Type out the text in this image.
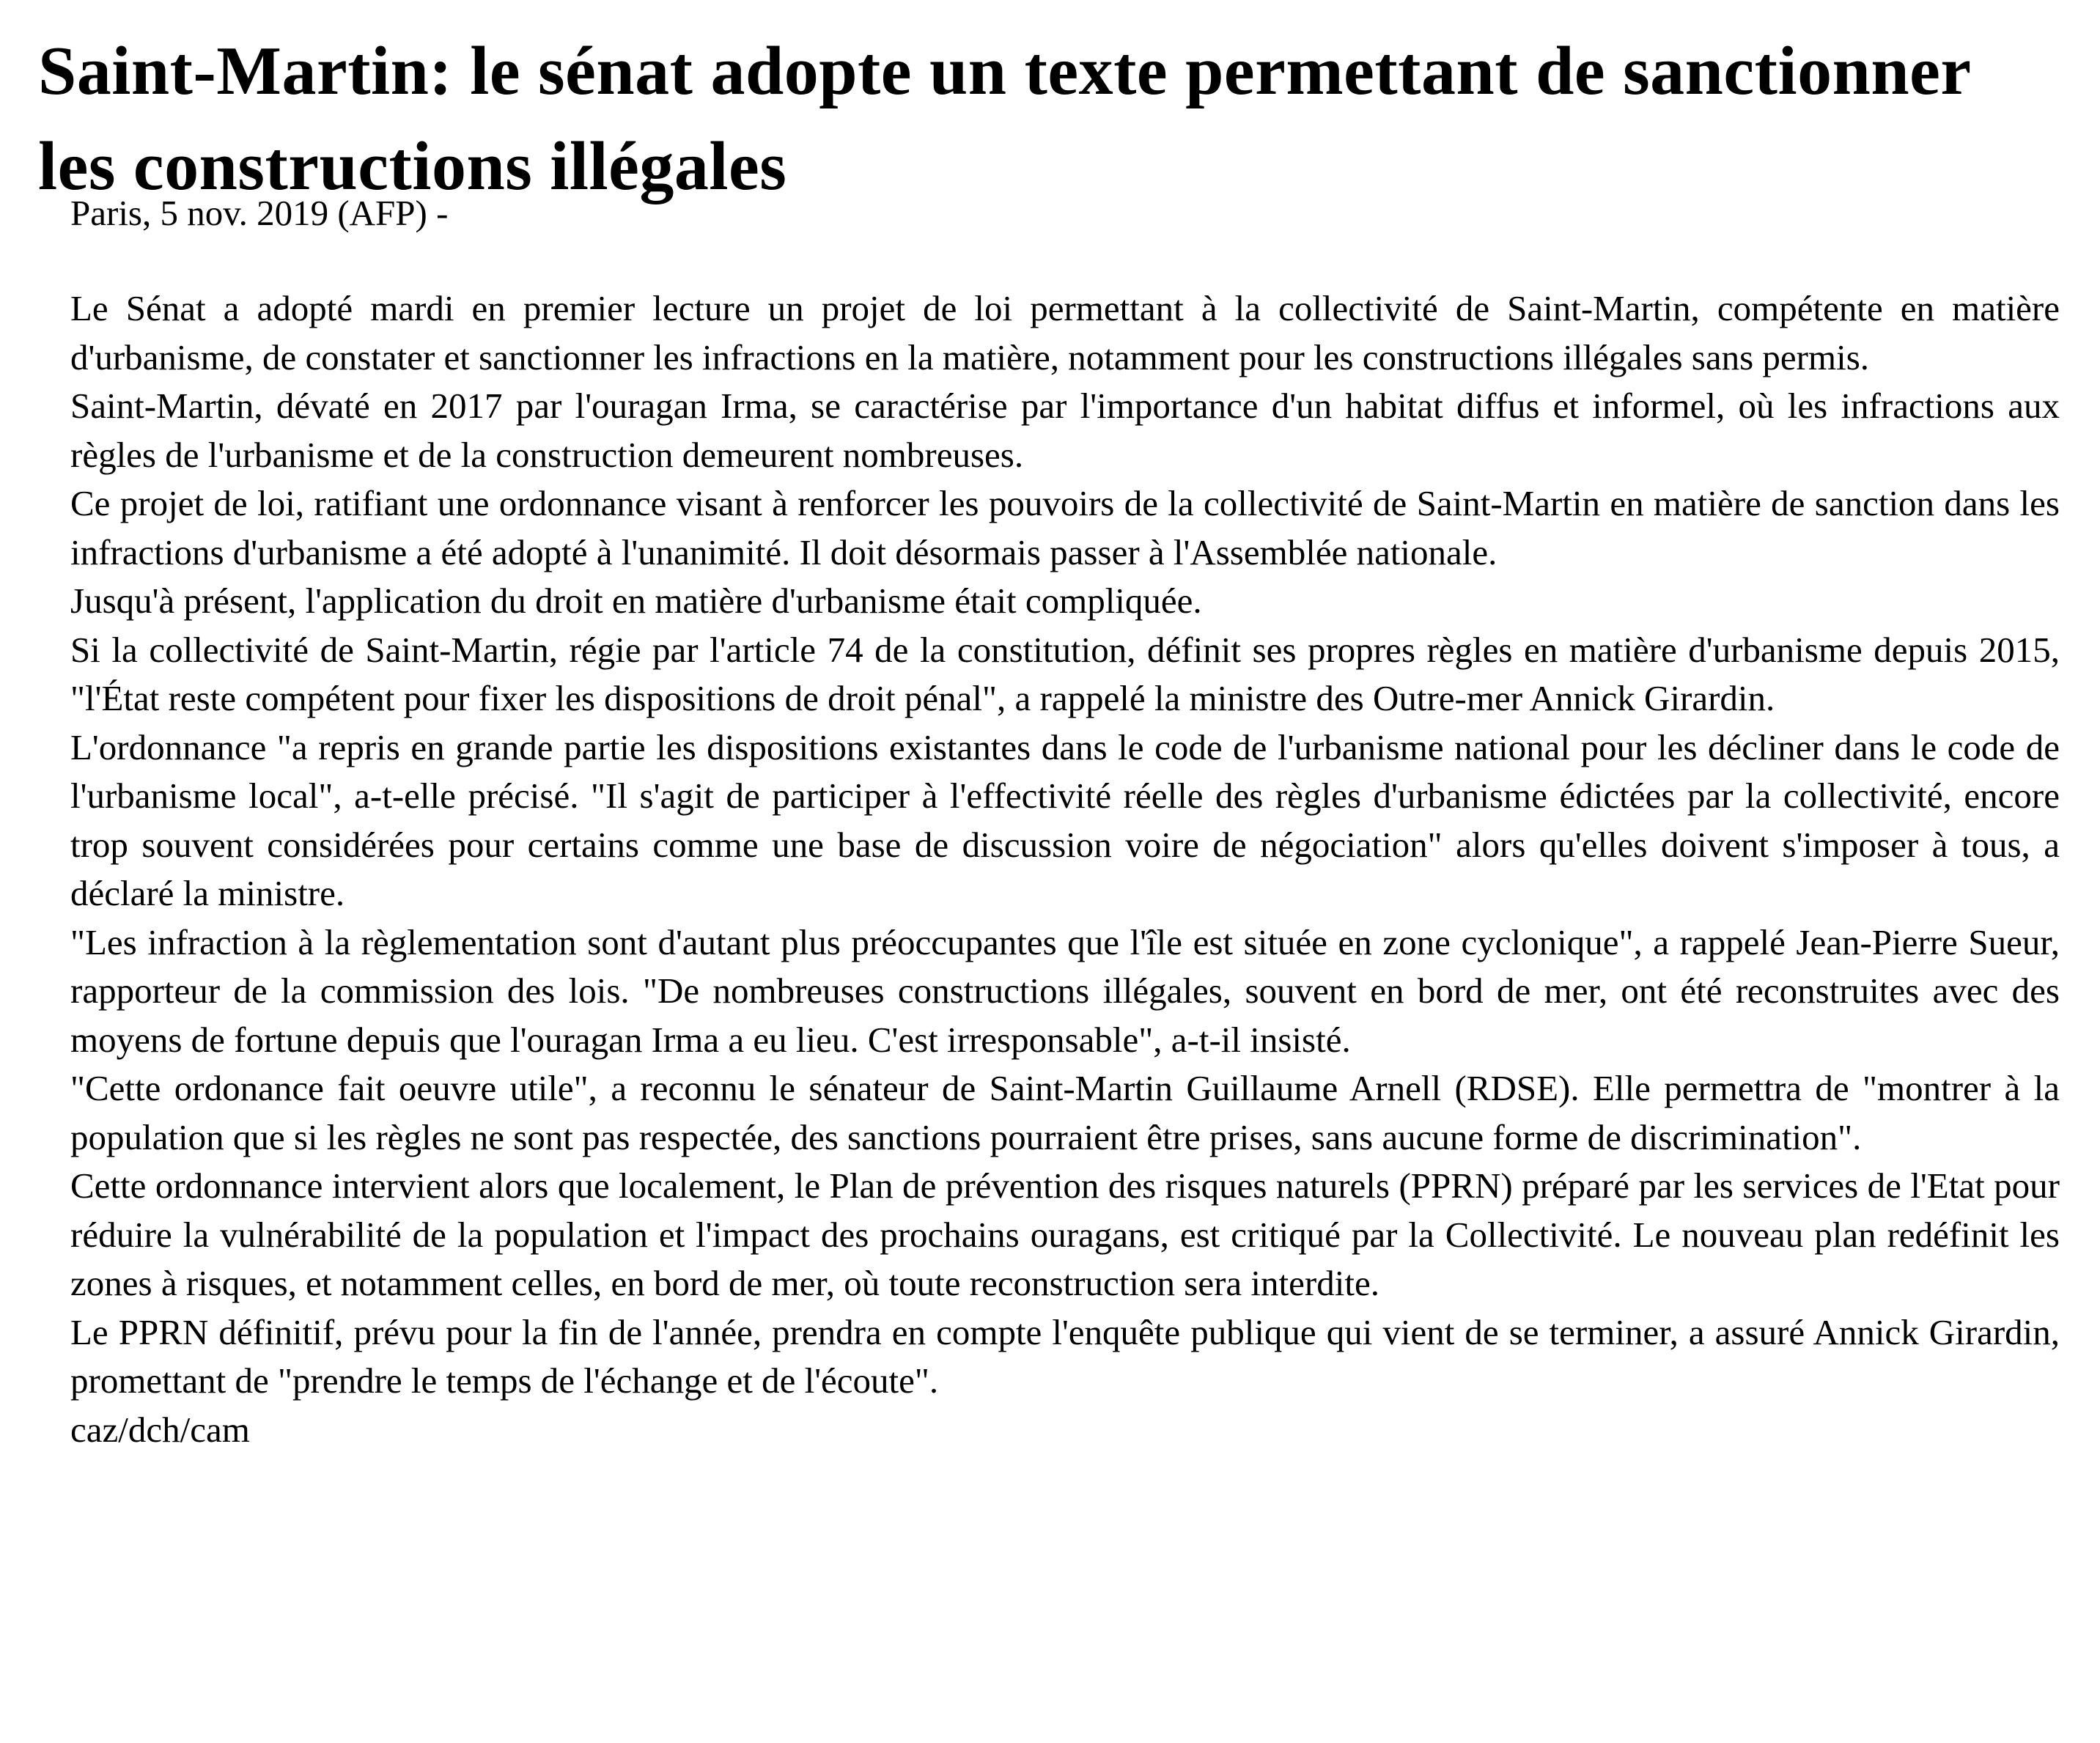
Saint-Martin: le sénat adopte un texte permettant de sanctionner les constructions illégales

Paris, 5 nov. 2019 (AFP) -

Le Sénat a adopté mardi en premier lecture un projet de loi permettant à la collectivité de Saint-Martin, compétente en matière d'urbanisme, de constater et sanctionner les infractions en la matière, notamment pour les constructions illégales sans permis.

Saint-Martin, dévaté en 2017 par l'ouragan Irma, se caractérise par l'importance d'un habitat diffus et informel, où les infractions aux règles de l'urbanisme et de la construction demeurent nombreuses.

Ce projet de loi, ratifiant une ordonnance visant à renforcer les pouvoirs de la collectivité de Saint-Martin en matière de sanction dans les infractions d'urbanisme a été adopté à l'unanimité. Il doit désormais passer à l'Assemblée nationale.

Jusqu'à présent, l'application du droit en matière d'urbanisme était compliquée.

Si la collectivité de Saint-Martin, régie par l'article 74 de la constitution, définit ses propres règles en matière d'urbanisme depuis 2015, "l'État reste compétent pour fixer les dispositions de droit pénal", a rappelé la ministre des Outre-mer Annick Girardin.

L'ordonnance "a repris en grande partie les dispositions existantes dans le code de l'urbanisme national pour les décliner dans le code de l'urbanisme local", a-t-elle précisé. "Il s'agit de participer à l'effectivité réelle des règles d'urbanisme édictées par la collectivité, encore trop souvent considérées pour certains comme une base de discussion voire de négociation" alors qu'elles doivent s'imposer à tous, a déclaré la ministre.

"Les infraction à la règlementation sont d'autant plus préoccupantes que l'île est située en zone cyclonique", a rappelé Jean-Pierre Sueur, rapporteur de la commission des lois. "De nombreuses constructions illégales, souvent en bord de mer, ont été reconstruites avec des moyens de fortune depuis que l'ouragan Irma a eu lieu. C'est irresponsable", a-t-il insisté.

"Cette ordonance fait oeuvre utile", a reconnu le sénateur de Saint-Martin Guillaume Arnell (RDSE). Elle permettra de "montrer à la population que si les règles ne sont pas respectée, des sanctions pourraient être prises, sans aucune forme de discrimination".

Cette ordonnance intervient alors que localement, le Plan de prévention des risques naturels (PPRN) préparé par les services de l'Etat pour réduire la vulnérabilité de la population et l'impact des prochains ouragans, est critiqué par la Collectivité. Le nouveau plan redéfinit les zones à risques, et notamment celles, en bord de mer, où toute reconstruction sera interdite.

Le PPRN définitif, prévu pour la fin de l'année, prendra en compte l'enquête publique qui vient de se terminer, a assuré Annick Girardin, promettant de "prendre le temps de l'échange et de l'écoute".

caz/dch/cam
